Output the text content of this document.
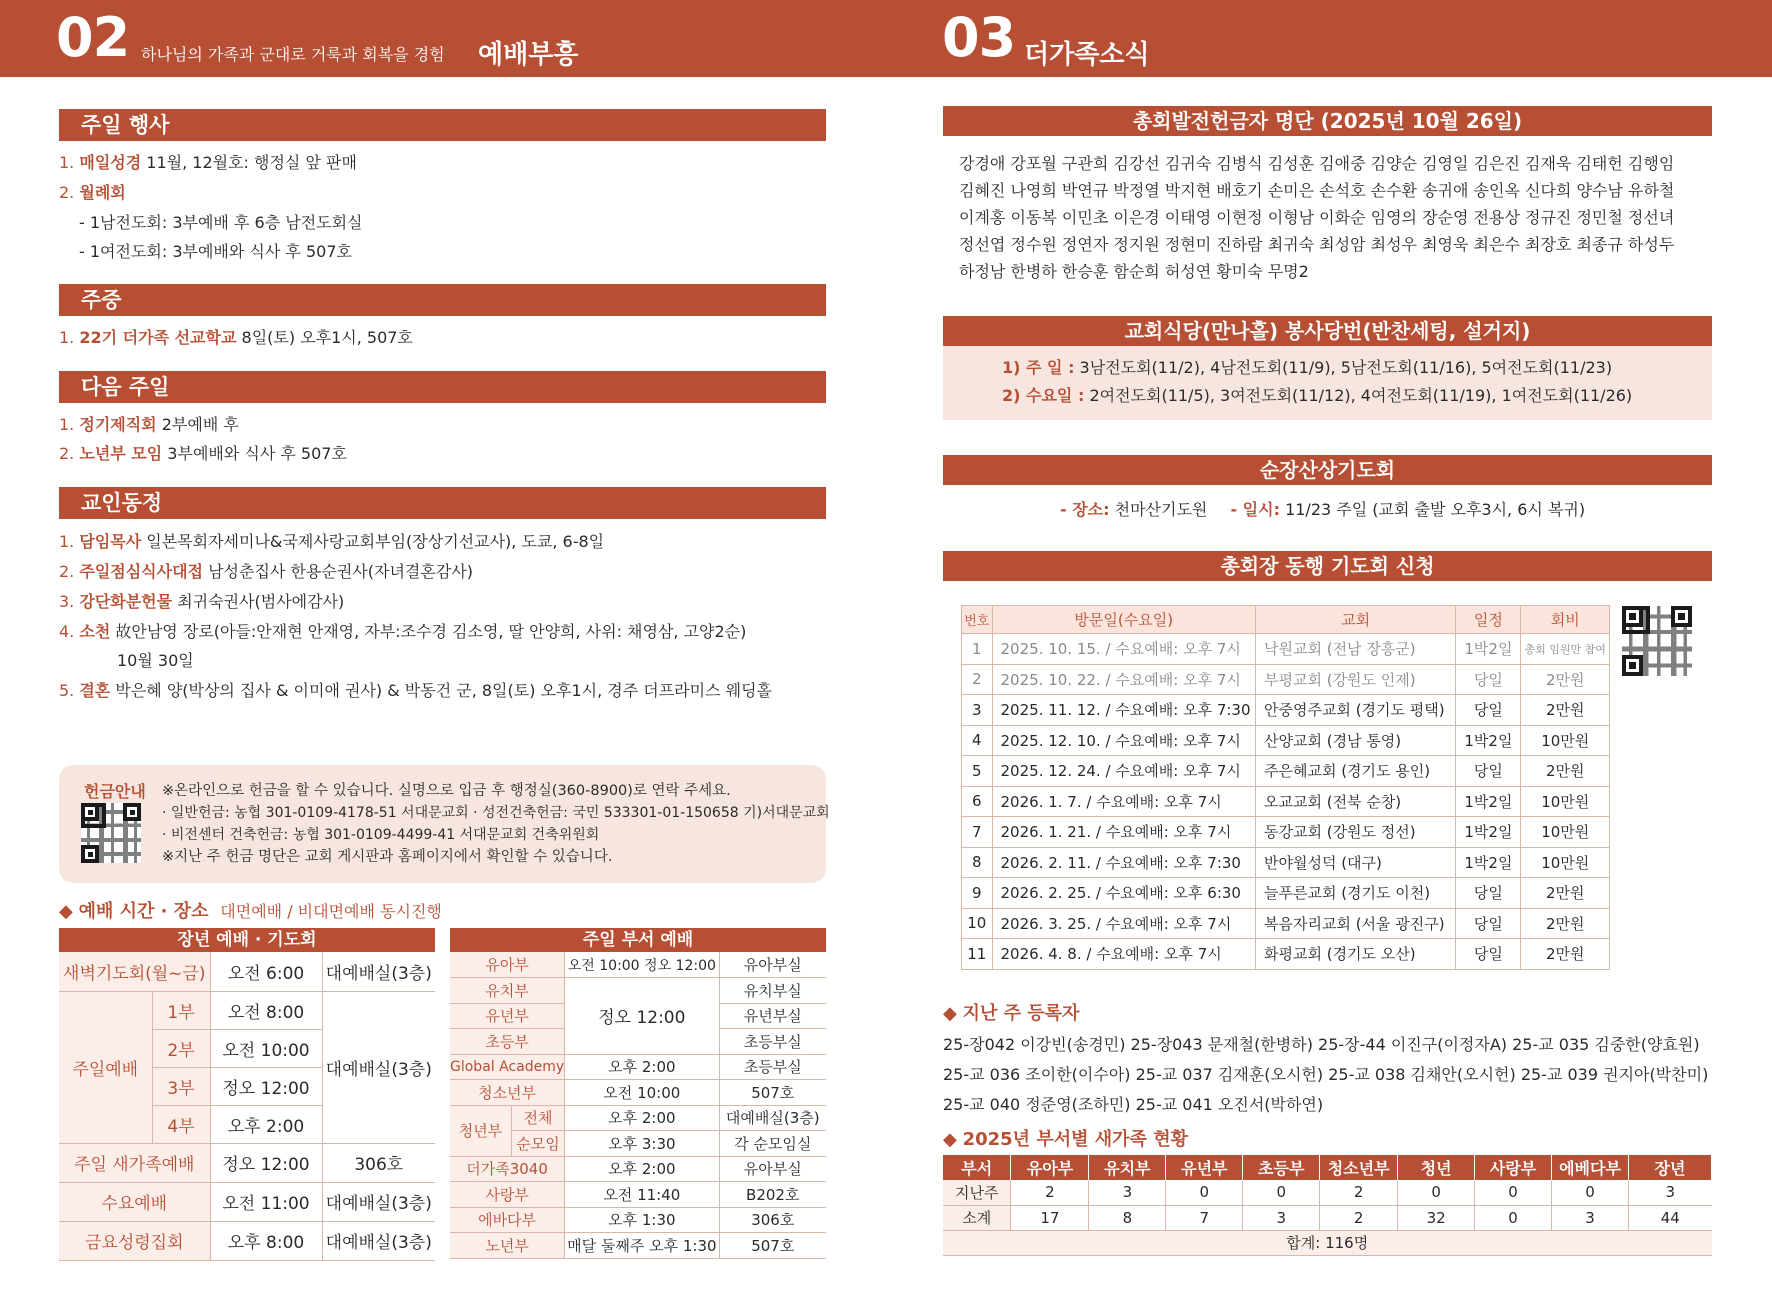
02 하나님의 가족과 군대로 거룩과 회복을 경험 예배부흥	03 더가족소식
주일 행사
1. 매일성경 11월, 12월호: 행정실 앞 판매
2. 월례회
- 1남전도회: 3부예배 후 6층 남전도회실
- 1여전도회: 3부예배와 식사 후 507호
주중
1. 22기 더가족 선교학교 8일(토) 오후1시, 507호
다음 주일
1. 정기제직회 2부예배 후
2. 노년부 모임 3부예배와 식사 후 507호
교인동정
1. 담임목사 일본목회자세미나&국제사랑교회부임(장상기선교사), 도쿄, 6-8일
2. 주일점심식사대접 남성춘집사 한용순권사(자녀결혼감사)
3. 강단화분헌물 최귀숙권사(범사에감사)
4. 소천 故안남영 장로(아들:안재현 안재영, 자부:조수경 김소영, 딸 안양희, 사위: 채영삼, 고양2순)
10월 30일
5. 결혼 박은혜 양(박상의 집사 & 이미애 권사) & 박동건 군, 8일(토) 오후1시, 경주 더프라미스 웨딩홀
헌금안내 ※온라인으로 헌금을 할 수 있습니다. 실명으로 입금 후 행정실(360-8900)로 연락 주세요.
· 일반헌금: 농협 301-0109-4178-51 서대문교회 · 성전건축헌금: 국민 533301-01-150658 기)서대문교회
· 비전센터 건축헌금: 농협 301-0109-4499-41 서대문교회 건축위원회
※지난 주 헌금 명단은 교회 게시판과 홈페이지에서 확인할 수 있습니다.
◆ 예배 시간 · 장소 대면예배 / 비대면예배 동시진행
장년 예배 · 기도회
새벽기도회(월~금)		오전 6:00	대예배실(3층)
주일예배	1부	오전 8:00	대예배실(3층)
	2부	오전 10:00	
	3부	정오 12:00	
	4부	오후 2:00	
주일 새가족예배		정오 12:00	306호
수요예배		오전 11:00	대예배실(3층)
금요성령집회		오후 8:00	대예배실(3층)
주일 부서 예배
유아부		오전 10:00 정오 12:00	유아부실
유치부		정오 12:00	유치부실
유년부			유년부실
초등부			초등부실
Global Academy		오후 2:00	초등부실
청소년부		오전 10:00	507호
청년부	전체	오후 2:00	대예배실(3층)
	순모임	오후 3:30	각 순모임실
더가족3040		오후 2:00	유아부실
사랑부		오전 11:40	B202호
에바다부		오후 1:30	306호
노년부		매달 둘째주 오후 1:30	507호
총회발전헌금자 명단 (2025년 10월 26일)
강경애 강포월 구관희 김강선 김귀숙 김병식 김성훈 김애중 김양순 김영일 김은진 김재욱 김태헌 김행임
김혜진 나영희 박연규 박정열 박지현 배호기 손미은 손석호 손수환 송귀애 송인옥 신다희 양수남 유하철
이계홍 이동복 이민초 이은경 이태영 이현정 이형남 이화순 임영의 장순영 전용상 정규진 정민철 정선녀
정선엽 정수원 정연자 정지원 정현미 진하람 최귀숙 최성암 최성우 최영욱 최은수 최장호 최종규 하성두
하정남 한병하 한승훈 함순희 허성연 황미숙 무명2
교회식당(만나홀) 봉사당번(반찬세팅, 설거지)
1) 주 일 : 3남전도회(11/2), 4남전도회(11/9), 5남전도회(11/16), 5여전도회(11/23)
2) 수요일 : 2여전도회(11/5), 3여전도회(11/12), 4여전도회(11/19), 1여전도회(11/26)
순장산상기도회
- 장소: 천마산기도원 - 일시: 11/23 주일 (교회 출발 오후3시, 6시 복귀)
총회장 동행 기도회 신청
번호	방문일(수요일)	교회	일정	회비
1	2025. 10. 15. / 수요예배: 오후 7시	낙원교회 (전남 장흥군)	1박2일	총회 임원만 참여
2	2025. 10. 22. / 수요예배: 오후 7시	부평교회 (강원도 인제)	당일	2만원
3	2025. 11. 12. / 수요예배: 오후 7:30	안중영주교회 (경기도 평택)	당일	2만원
4	2025. 12. 10. / 수요예배: 오후 7시	산양교회 (경남 통영)	1박2일	10만원
5	2025. 12. 24. / 수요예배: 오후 7시	주은혜교회 (경기도 용인)	당일	2만원
6	2026. 1. 7. / 수요예배: 오후 7시	오교교회 (전북 순창)	1박2일	10만원
7	2026. 1. 21. / 수요예배: 오후 7시	동강교회 (강원도 정선)	1박2일	10만원
8	2026. 2. 11. / 수요예배: 오후 7:30	반야월성덕 (대구)	1박2일	10만원
9	2026. 2. 25. / 수요예배: 오후 6:30	늘푸른교회 (경기도 이천)	당일	2만원
10	2026. 3. 25. / 수요예배: 오후 7시	복음자리교회 (서울 광진구)	당일	2만원
11	2026. 4. 8. / 수요예배: 오후 7시	화평교회 (경기도 오산)	당일	2만원
◆ 지난 주 등록자
25-장042 이강빈(송경민) 25-장043 문재철(한병하) 25-장-44 이진구(이정자A) 25-교 035 김중한(양효원)
25-교 036 조이한(이수아) 25-교 037 김재훈(오시헌) 25-교 038 김채안(오시헌) 25-교 039 권지아(박찬미)
25-교 040 정준영(조하민) 25-교 041 오진서(박하연)
◆ 2025년 부서별 새가족 현황
부서	유아부	유치부	유년부	초등부	청소년부	청년	사랑부	에베다부	장년
지난주	2	3	0	0	2	0	0	0	3
소계	17	8	7	3	2	32	0	3	44
합계: 116명									
